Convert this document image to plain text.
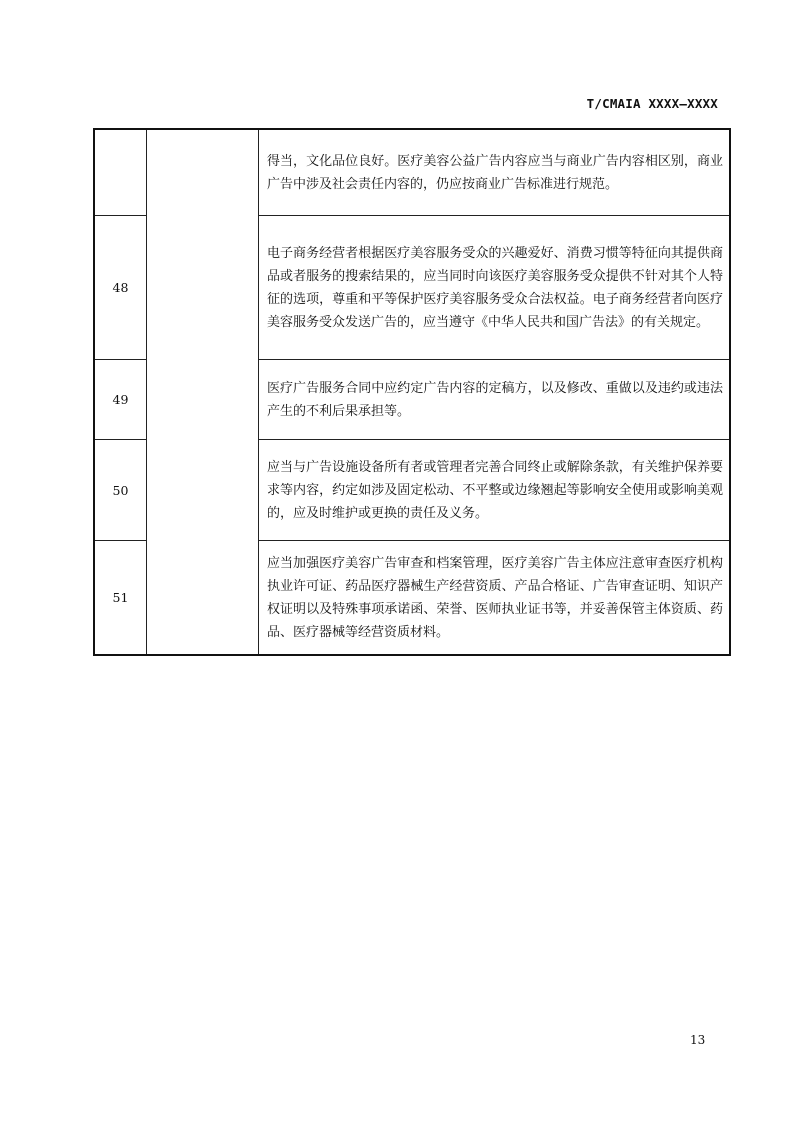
T/CMAIA XXXX—XXXX
		得当，文化品位良好。医疗美容公益广告内容应当与商业广告内容相区别，商业广告中涉及社会责任内容的，仍应按商业广告标准进行规范。
48		电子商务经营者根据医疗美容服务受众的兴趣爱好、消费习惯等特征向其提供商品或者服务的搜索结果的，应当同时向该医疗美容服务受众提供不针对其个人特征的选项，尊重和平等保护医疗美容服务受众合法权益。电子商务经营者向医疗美容服务受众发送广告的，应当遵守《中华人民共和国广告法》的有关规定。
49		医疗广告服务合同中应约定广告内容的定稿方，以及修改、重做以及违约或违法产生的不利后果承担等。
50		应当与广告设施设备所有者或管理者完善合同终止或解除条款，有关维护保养要求等内容，约定如涉及固定松动、不平整或边缘翘起等影响安全使用或影响美观的，应及时维护或更换的责任及义务。
51		应当加强医疗美容广告审查和档案管理，医疗美容广告主体应注意审查医疗机构执业许可证、药品医疗器械生产经营资质、产品合格证、广告审查证明、知识产权证明以及特殊事项承诺函、荣誉、医师执业证书等，并妥善保管主体资质、药品、医疗器械等经营资质材料。
13
